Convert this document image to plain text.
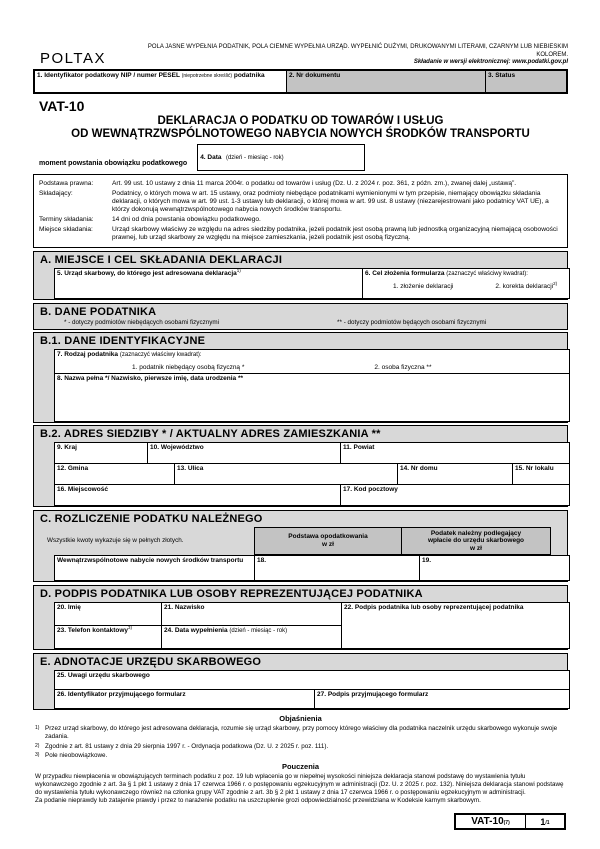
POLTAX
POLA JASNE WYPEŁNIA PODATNIK, POLA CIEMNE WYPEŁNIA URZĄD. WYPEŁNIĆ DUŻYMI, DRUKOWANYMI LITERAMI, CZARNYM LUB NIEBIESKIM KOLOREM.
Składanie w wersji elektronicznej: www.podatki.gov.pl
1. Identyfikator podatkowy NIP / numer PESEL (niepotrzebne skreślić) podatnika	2. Nr dokumentu	3. Status
VAT-10
DEKLARACJA O PODATKU OD TOWARÓW I USŁUG
OD WEWNĄTRZWSPÓLNOTOWEGO NABYCIA NOWYCH ŚRODKÓW TRANSPORTU
moment powstania obowiązku podatkowego
4. Data (dzień - miesiąc - rok)
Podstawa prawna:	Art. 99 ust. 10 ustawy z dnia 11 marca 2004r. o podatku od towarów i usług (Dz. U. z 2024 r. poz. 361, z późn. zm.), zwanej dalej „ustawą”.
Składający:	Podatnicy, o których mowa w art. 15 ustawy, oraz podmioty niebędące podatnikami wymienionymi w tym przepisie, niemający obowiązku składania deklaracji, o których mowa w art. 99 ust. 1-3 ustawy lub deklaracji, o której mowa w art. 99 ust. 8 ustawy (niezarejestrowani jako podatnicy VAT UE), a którzy dokonują wewnątrzwspólnotowego nabycia nowych środków transportu.
Terminy składania:	14 dni od dnia powstania obowiązku podatkowego.
Miejsce składania:	Urząd skarbowy właściwy ze względu na adres siedziby podatnika, jeżeli podatnik jest osobą prawną lub jednostką organizacyjną niemającą osobowości prawnej, lub urząd skarbowy ze względu na miejsce zamieszkania, jeżeli podatnik jest osobą fizyczną.
A. MIEJSCE I CEL SKŁADANIA DEKLARACJI
5. Urząd skarbowy, do którego jest adresowana deklaracja$^{1)}$	6. Cel złożenia formularza (zaznaczyć właściwy kwadrat):
1. złożenie deklaracji	2. korekta deklaracji$^{2)}$
B. DANE PODATNIKA
* - dotyczy podmiotów niebędących osobami fizycznymi	** - dotyczy podmiotów będących osobami fizycznymi
B.1. DANE IDENTYFIKACYJNE
7. Rodzaj podatnika (zaznaczyć właściwy kwadrat):
1. podatnik niebędący osobą fizyczną *	2. osoba fizyczna **

8. Nazwa pełna */ Nazwisko, pierwsze imię, data urodzenia **
B.2. ADRES SIEDZIBY * / AKTUALNY ADRES ZAMIESZKANIA **
9. Kraj	10. Województwo		11. Powiat		
12. Gmina		13. Ulica		14. Nr domu	15. Nr lokalu
16. Miejscowość			17. Kod pocztowy		
C. ROZLICZENIE PODATKU NALEŻNEGO
Wszystkie kwoty wykazuje się w pełnych złotych.
Podstawa opodatkowania
w zł
Podatek należny podlegający
wpłacie do urzędu skarbowego
w zł
Wewnątrzwspólnotowe nabycie nowych środków transportu	18.	19.
D. PODPIS PODATNIKA LUB OSOBY REPREZENTUJĄCEJ PODATNIKA
20. Imię	21. Nazwisko	22. Podpis podatnika lub osoby reprezentującej podatnika
23. Telefon kontaktowy$^{3)}$	24. Data wypełnienia (dzień - miesiąc - rok)	
E. ADNOTACJE URZĘDU SKARBOWEGO
25. Uwagi urzędu skarbowego
26. Identyfikator przyjmującego formularz	27. Podpis przyjmującego formularz
Objaśnienia
1) Przez urząd skarbowy, do którego jest adresowana deklaracja, rozumie się urząd skarbowy, przy pomocy którego właściwy dla podatnika naczelnik urzędu skarbowego wykonuje swoje zadania.
2) Zgodnie z art. 81 ustawy z dnia 29 sierpnia 1997 r. - Ordynacja podatkowa (Dz. U. z 2025 r. poz. 111).
3) Pole nieobowiązkowe.
Pouczenia
W przypadku niewpłacenia w obowiązujących terminach podatku z poz. 19 lub wpłacenia go w niepełnej wysokości niniejsza deklaracja stanowi podstawę do wystawienia tytułu wykonawczego zgodnie z art. 3a § 1 pkt 1 ustawy z dnia 17 czerwca 1966 r. o postępowaniu egzekucyjnym w administracji (Dz. U. z 2025 r. poz. 132). Niniejsza deklaracja stanowi podstawę do wystawienia tytułu wykonawczego również na członka grupy VAT zgodnie z art. 3b § 2 pkt 1 ustawy z dnia 17 czerwca 1966 r. o postępowaniu egzekucyjnym w administracji.
Za podanie nieprawdy lub zatajenie prawdy i przez to narażenie podatku na uszczuplenie grozi odpowiedzialność przewidziana w Kodeksie karnym skarbowym.
VAT-10 (7)	1 /1
